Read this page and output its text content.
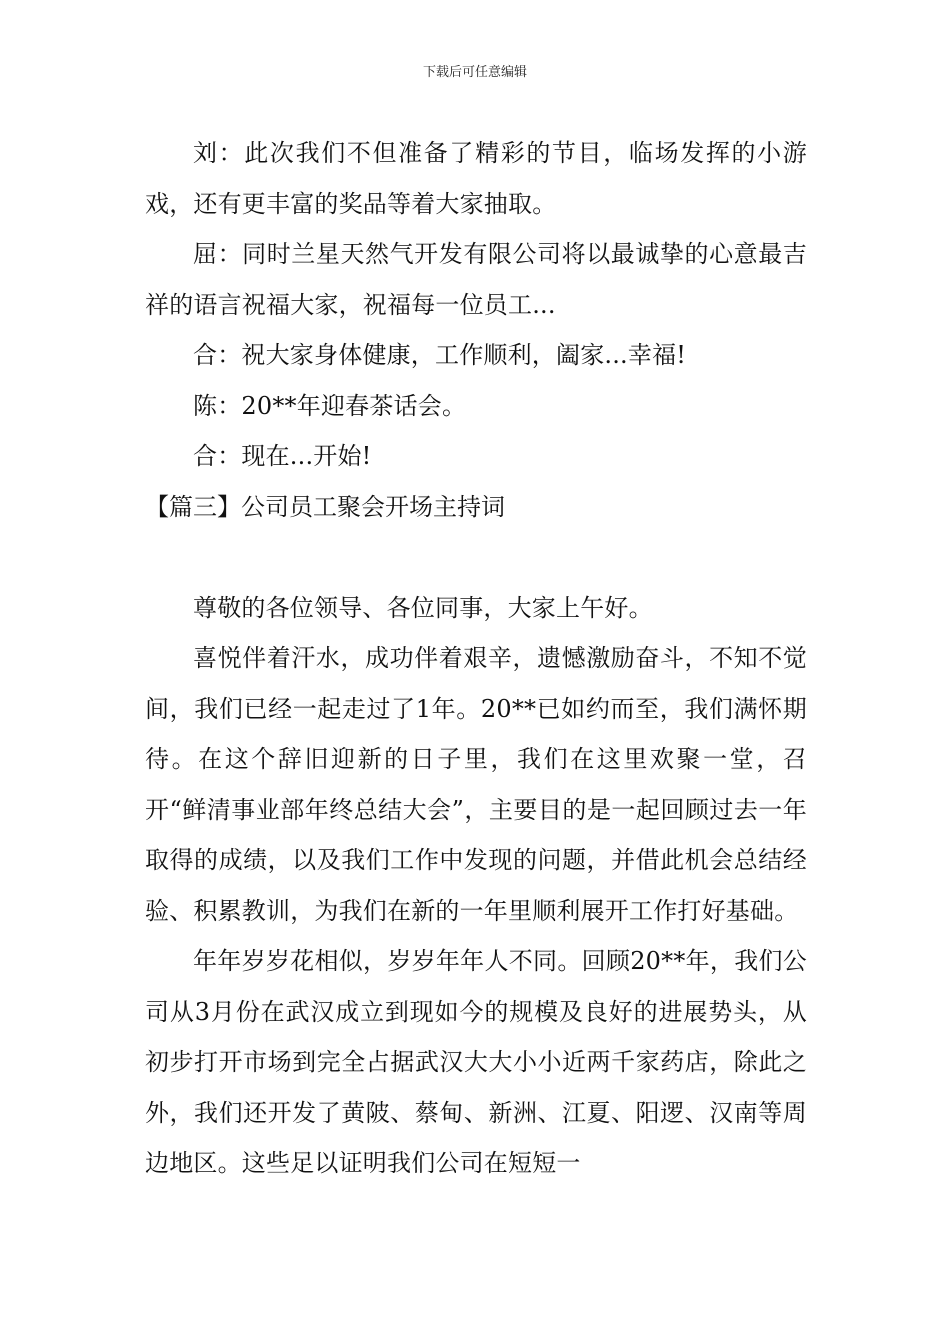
下载后可任意编辑

刘：此次我们不但准备了精彩的节目，临场发挥的小游戏，还有更丰富的奖品等着大家抽取。

屈：同时兰星天然气开发有限公司将以最诚挚的心意最吉祥的语言祝福大家，祝福每一位员工...

合：祝大家身体健康，工作顺利，阖家...幸福!

陈：20**年迎春茶话会。

合：现在...开始!

【篇三】公司员工聚会开场主持词

尊敬的各位领导、各位同事，大家上午好。

喜悦伴着汗水，成功伴着艰辛，遗憾激励奋斗，不知不觉间，我们已经一起走过了1年。20**已如约而至，我们满怀期待。在这个辞旧迎新的日子里，我们在这里欢聚一堂，召开“鲜清事业部年终总结大会”，主要目的是一起回顾过去一年取得的成绩，以及我们工作中发现的问题，并借此机会总结经验、积累教训，为我们在新的一年里顺利展开工作打好基础。

年年岁岁花相似，岁岁年年人不同。回顾20**年，我们公司从3月份在武汉成立到现如今的规模及良好的进展势头，从初步打开市场到完全占据武汉大大小小近两千家药店，除此之外，我们还开发了黄陂、蔡甸、新洲、江夏、阳逻、汉南等周边地区。这些足以证明我们公司在短短一
